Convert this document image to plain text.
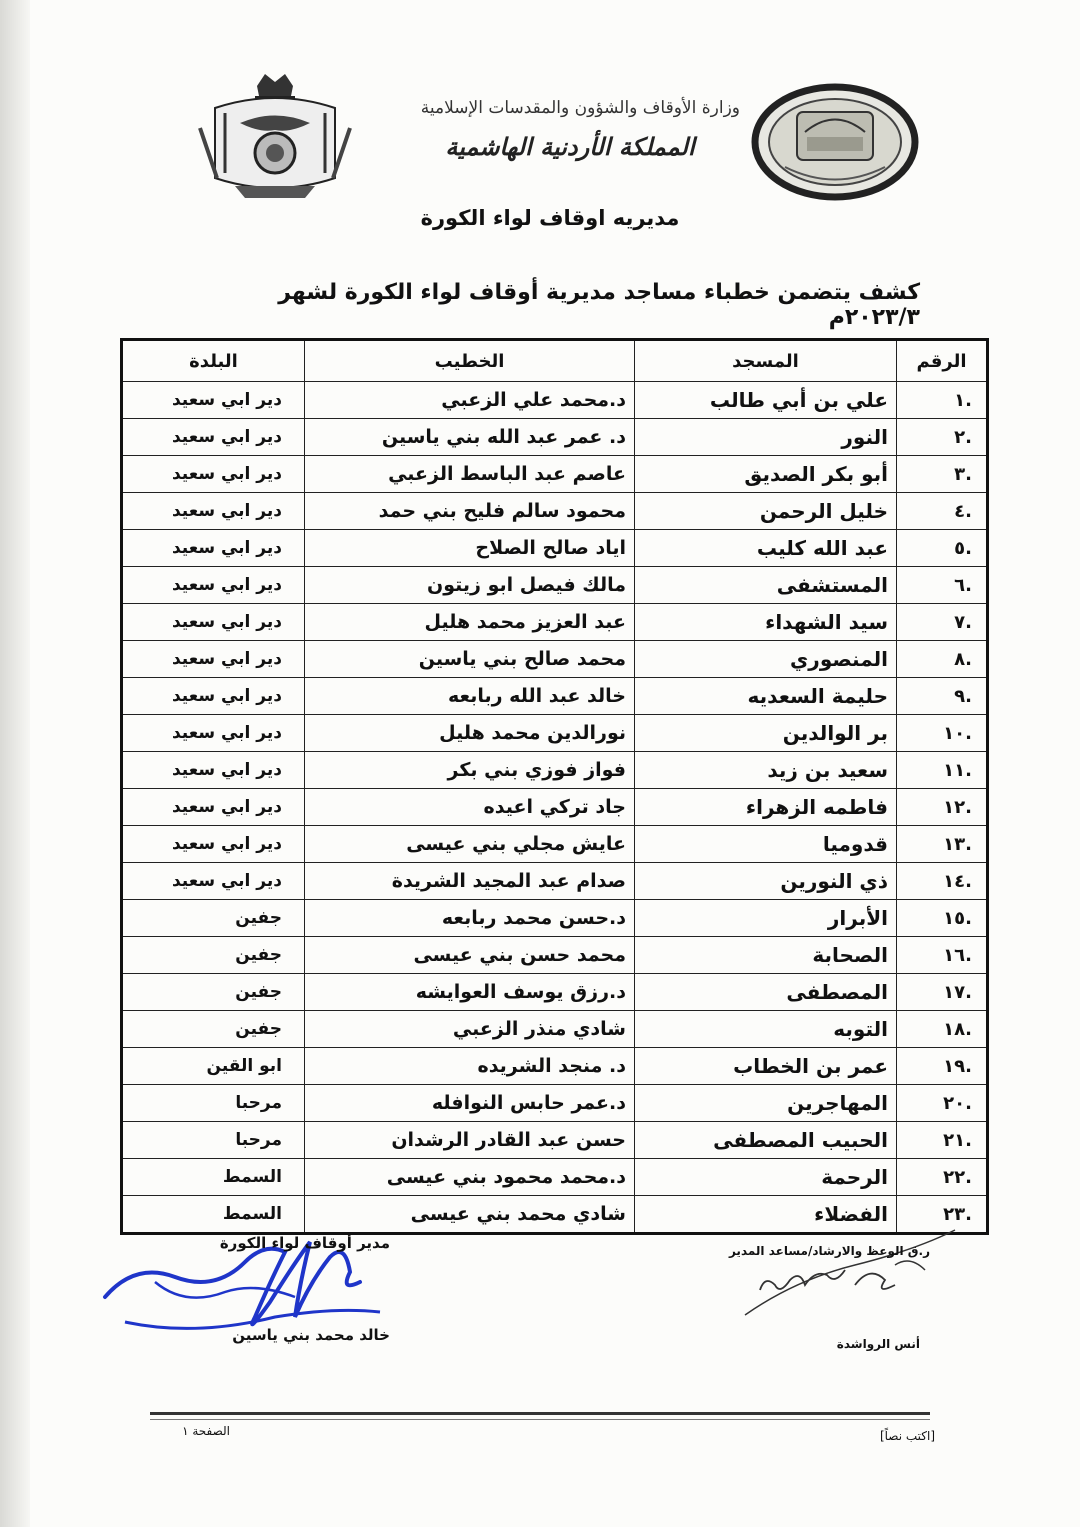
وزارة الأوقاف والشؤون والمقدسات الإسلامية
المملكة الأردنية الهاشمية
مديريه اوقاف لواء الكورة
كشف يتضمن خطباء مساجد مديرية أوقاف لواء الكورة لشهر ٢٠٢٣/٣م
الرقم	المسجد	الخطيب	البلدة
.١	علي بن أبي طالب	د.محمد علي الزعبي	دير ابي سعيد
.٢	النور	د. عمر عبد الله بني ياسين	دير ابي سعيد
.٣	أبو بكر الصديق	عاصم عبد الباسط الزعبي	دير ابي سعيد
.٤	خليل الرحمن	محمود سالم فليح بني حمد	دير ابي سعيد
.٥	عبد الله كليب	اياد صالح الصلاح	دير ابي سعيد
.٦	المستشفى	مالك فيصل ابو زيتون	دير ابي سعيد
.٧	سيد الشهداء	عبد العزيز محمد هليل	دير ابي سعيد
.٨	المنصوري	محمد صالح بني ياسين	دير ابي سعيد
.٩	حليمة السعديه	خالد عبد الله ربابعه	دير ابي سعيد
.١٠	بر الوالدين	نورالدين محمد هليل	دير ابي سعيد
.١١	سعيد بن زيد	فواز فوزي بني بكر	دير ابي سعيد
.١٢	فاطمه الزهراء	جاد تركي اعيده	دير ابي سعيد
.١٣	قدوميا	عايش مجلي بني عيسى	دير ابي سعيد
.١٤	ذي النورين	صدام عبد المجيد الشريدة	دير ابي سعيد
.١٥	الأبرار	د.حسن محمد ربابعه	جفين
.١٦	الصحابة	محمد حسن بني عيسى	جفين
.١٧	المصطفى	د.رزق يوسف العوايشه	جفين
.١٨	التوبه	شادي منذر الزعبي	جفين
.١٩	عمر بن الخطاب	د. منجد الشريده	ابو القين
.٢٠	المهاجرين	د.عمر حابس النوافله	مرحبا
.٢١	الحبيب المصطفى	حسن عبد القادر الرشدان	مرحبا
.٢٢	الرحمة	د.محمد محمود بني عيسى	السمط
.٢٣	الفضلاء	شادي محمد بني عيسى	السمط
مدير أوقاف لواء الكورة
خالد محمد بني ياسين
ر.ق الوعظ والارشاد/مساعد المدير
أنس الرواشدة
الصفحة ١	[اكتب نصاً]
